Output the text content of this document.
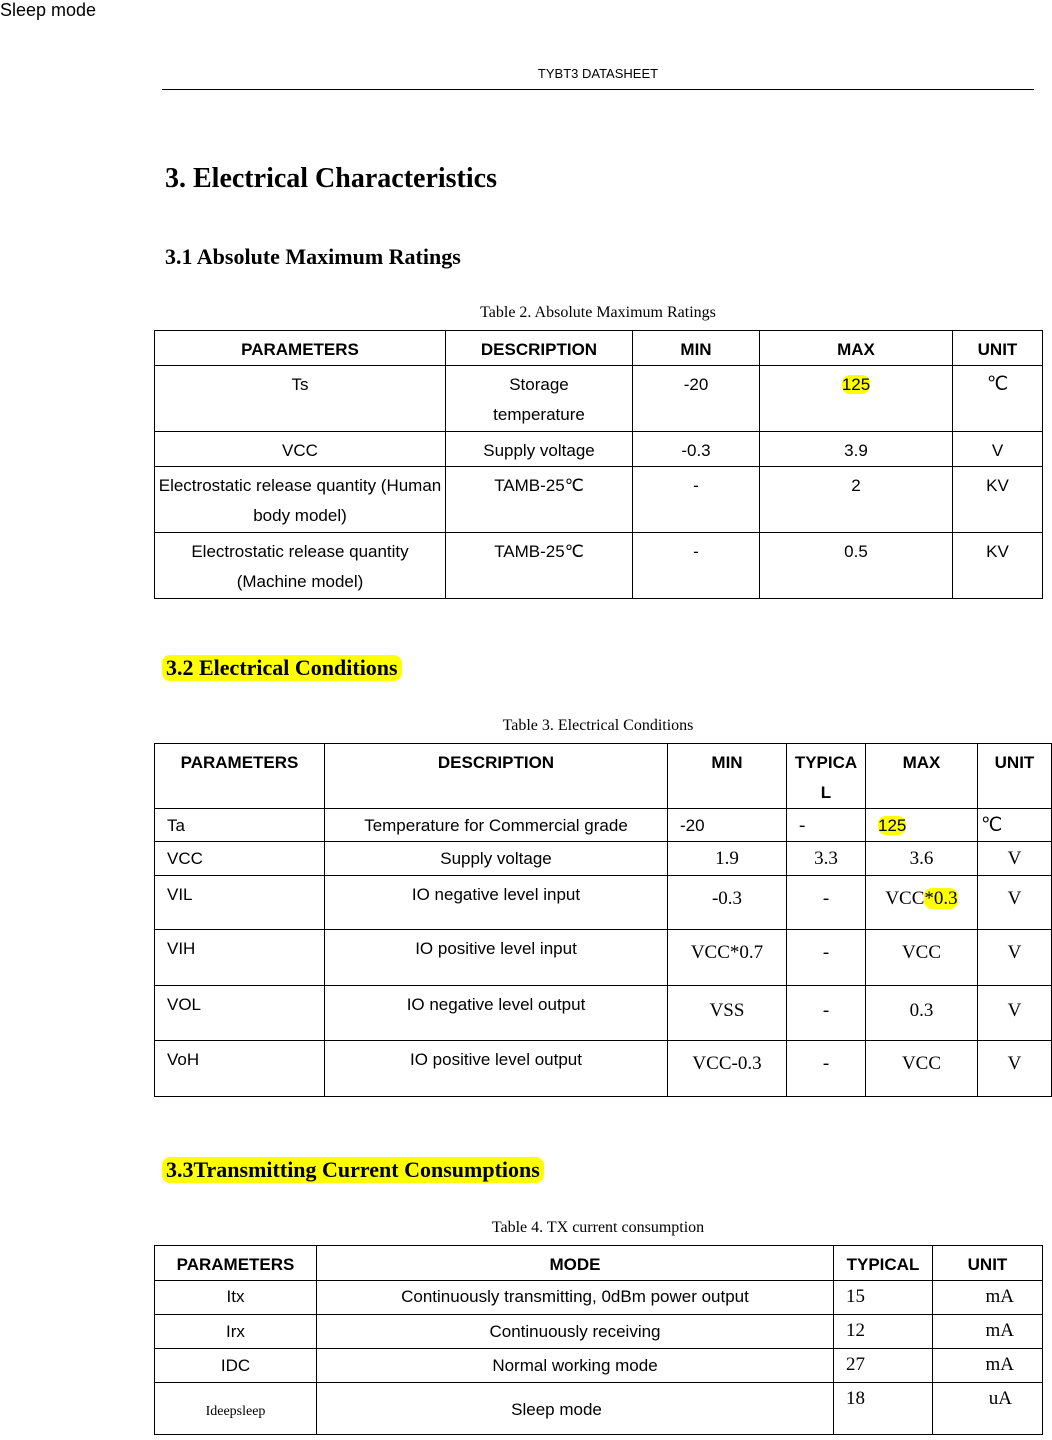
Sleep mode
TYBT3 DATASHEET
3. Electrical Characteristics
3.1 Absolute Maximum Ratings
Table 2. Absolute Maximum Ratings
PARAMETERS	DESCRIPTION	MIN	MAX	UNIT
Ts	Storage temperature	-20	125	℃
VCC	Supply voltage	-0.3	3.9	V
Electrostatic release quantity (Human body model)	TAMB-25℃	-	2	KV
Electrostatic release quantity (Machine model)	TAMB-25℃	-	0.5	KV
3.2 Electrical Conditions
Table 3. Electrical Conditions
PARAMETERS	DESCRIPTION	MIN	TYPICAL	MAX	UNIT
Ta	Temperature for Commercial grade	-20	-	125	℃
VCC	Supply voltage	1.9	3.3	3.6	V
VIL	IO negative level input	-0.3	-	VCC*0.3	V
VIH	IO positive level input	VCC*0.7	-	VCC	V
VOL	IO negative level output	VSS	-	0.3	V
VoH	IO positive level output	VCC-0.3	-	VCC	V
3.3Transmitting Current Consumptions
Table 4. TX current consumption
PARAMETERS	MODE	TYPICAL	UNIT
Itx	Continuously transmitting, 0dBm power output	15	mA
Irx	Continuously receiving	12	mA
IDC	Normal working mode	27	mA
Ideepsleep	Sleep mode	18	uA
